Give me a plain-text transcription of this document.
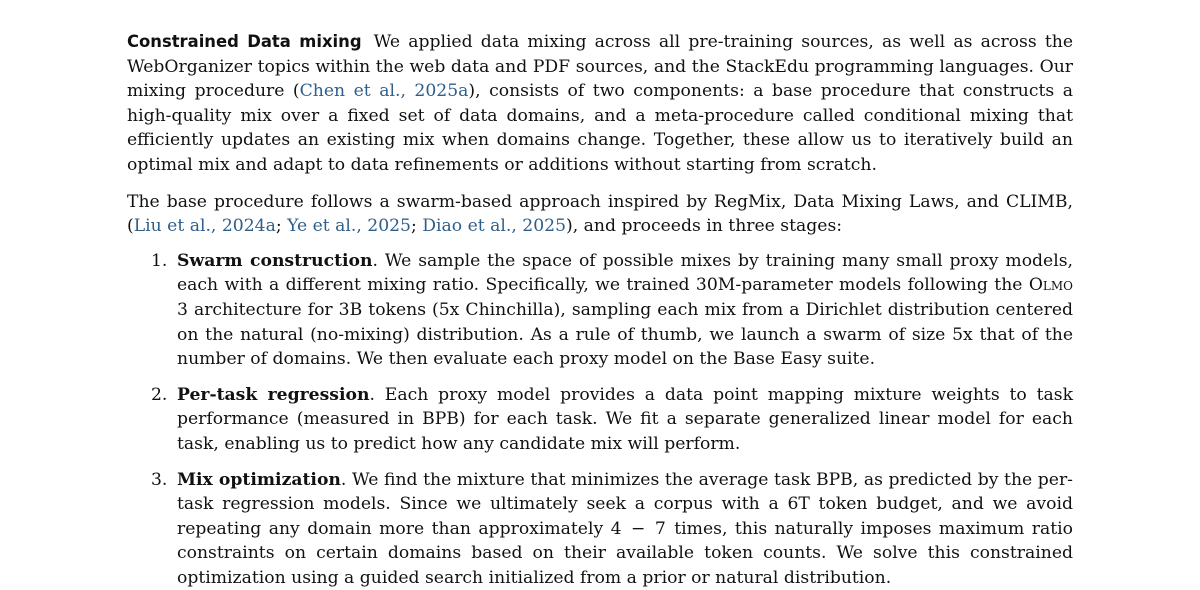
Constrained Data mixing We applied data mixing across all pre-training sources, as well as across the WebOrganizer topics within the web data and PDF sources, and the StackEdu programming languages. Our mixing procedure (Chen et al., 2025a), consists of two components: a base procedure that constructs a high-quality mix over a fixed set of data domains, and a meta-procedure called conditional mixing that efficiently updates an existing mix when domains change. Together, these allow us to iteratively build an optimal mix and adapt to data refinements or additions without starting from scratch.

The base procedure follows a swarm-based approach inspired by RegMix, Data Mixing Laws, and CLIMB, (Liu et al., 2024a; Ye et al., 2025; Diao et al., 2025), and proceeds in three stages:

1. Swarm construction. We sample the space of possible mixes by training many small proxy models, each with a different mixing ratio. Specifically, we trained 30M-parameter models following the Olmo 3 architecture for 3B tokens (5x Chinchilla), sampling each mix from a Dirichlet distribution centered on the natural (no-mixing) distribution. As a rule of thumb, we launch a swarm of size 5x that of the number of domains. We then evaluate each proxy model on the Base Easy suite.
2. Per-task regression. Each proxy model provides a data point mapping mixture weights to task performance (measured in BPB) for each task. We fit a separate generalized linear model for each task, enabling us to predict how any candidate mix will perform.
3. Mix optimization. We find the mixture that minimizes the average task BPB, as predicted by the per-task regression models. Since we ultimately seek a corpus with a 6T token budget, and we avoid repeating any domain more than approximately 4 − 7 times, this naturally imposes maximum ratio constraints on certain domains based on their available token counts. We solve this constrained optimization using a guided search initialized from a prior or natural distribution.
